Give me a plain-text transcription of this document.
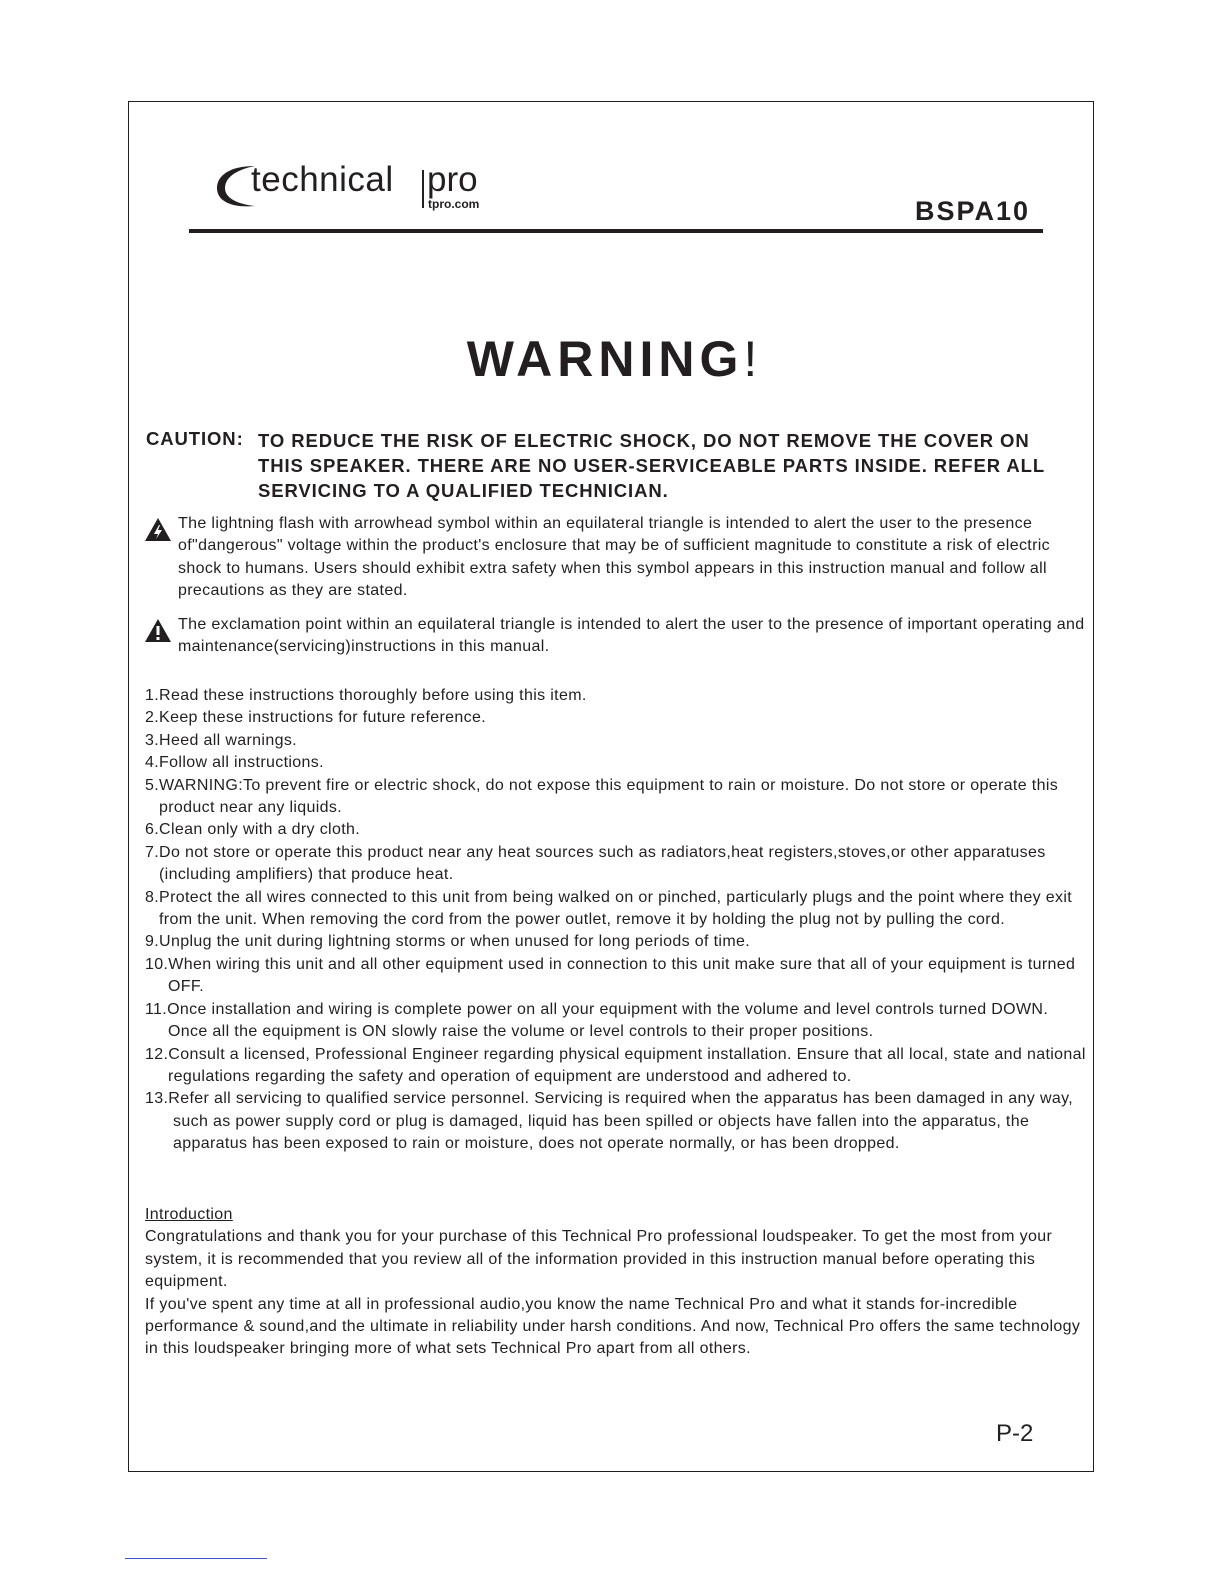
technical pro
tpro.com	BSPA10
WARNING!
CAUTION: TO REDUCE THE RISK OF ELECTRIC SHOCK, DO NOT REMOVE THE COVER ON THIS SPEAKER. THERE ARE NO USER-SERVICEABLE PARTS INSIDE. REFER ALL SERVICING TO A QUALIFIED TECHNICIAN.
The lightning flash with arrowhead symbol within an equilateral triangle is intended to alert the user to the presence of"dangerous" voltage within the product's enclosure that may be of sufficient magnitude to constitute a risk of electric shock to humans. Users should exhibit extra safety when this symbol appears in this instruction manual and follow all precautions as they are stated.
The exclamation point within an equilateral triangle is intended to alert the user to the presence of important operating and maintenance(servicing)instructions in this manual.

1.Read these instructions thoroughly before using this item.

2.Keep these instructions for future reference.

3.Heed all warnings.

4.Follow all instructions.

5.WARNING:To prevent fire or electric shock, do not expose this equipment to rain or moisture. Do not store or operate this product near any liquids.

6.Clean only with a dry cloth.

7.Do not store or operate this product near any heat sources such as radiators,heat registers,stoves,or other apparatuses (including amplifiers) that produce heat.

8.Protect the all wires connected to this unit from being walked on or pinched, particularly plugs and the point where they exit from the unit. When removing the cord from the power outlet, remove it by holding the plug not by pulling the cord.

9.Unplug the unit during lightning storms or when unused for long periods of time.

10.When wiring this unit and all other equipment used in connection to this unit make sure that all of your equipment is turned OFF.

11.Once installation and wiring is complete power on all your equipment with the volume and level controls turned DOWN. Once all the equipment is ON slowly raise the volume or level controls to their proper positions.

12.Consult a licensed, Professional Engineer regarding physical equipment installation. Ensure that all local, state and national regulations regarding the safety and operation of equipment are understood and adhered to.

13.Refer all servicing to qualified service personnel. Servicing is required when the apparatus has been damaged in any way, such as power supply cord or plug is damaged, liquid has been spilled or objects have fallen into the apparatus, the apparatus has been exposed to rain or moisture, does not operate normally, or has been dropped.

Introduction

Congratulations and thank you for your purchase of this Technical Pro professional loudspeaker. To get the most from your system, it is recommended that you review all of the information provided in this instruction manual before operating this equipment.

If you've spent any time at all in professional audio,you know the name Technical Pro and what it stands for-incredible performance & sound,and the ultimate in reliability under harsh conditions. And now, Technical Pro offers the same technology in this loudspeaker bringing more of what sets Technical Pro apart from all others.

P-2
